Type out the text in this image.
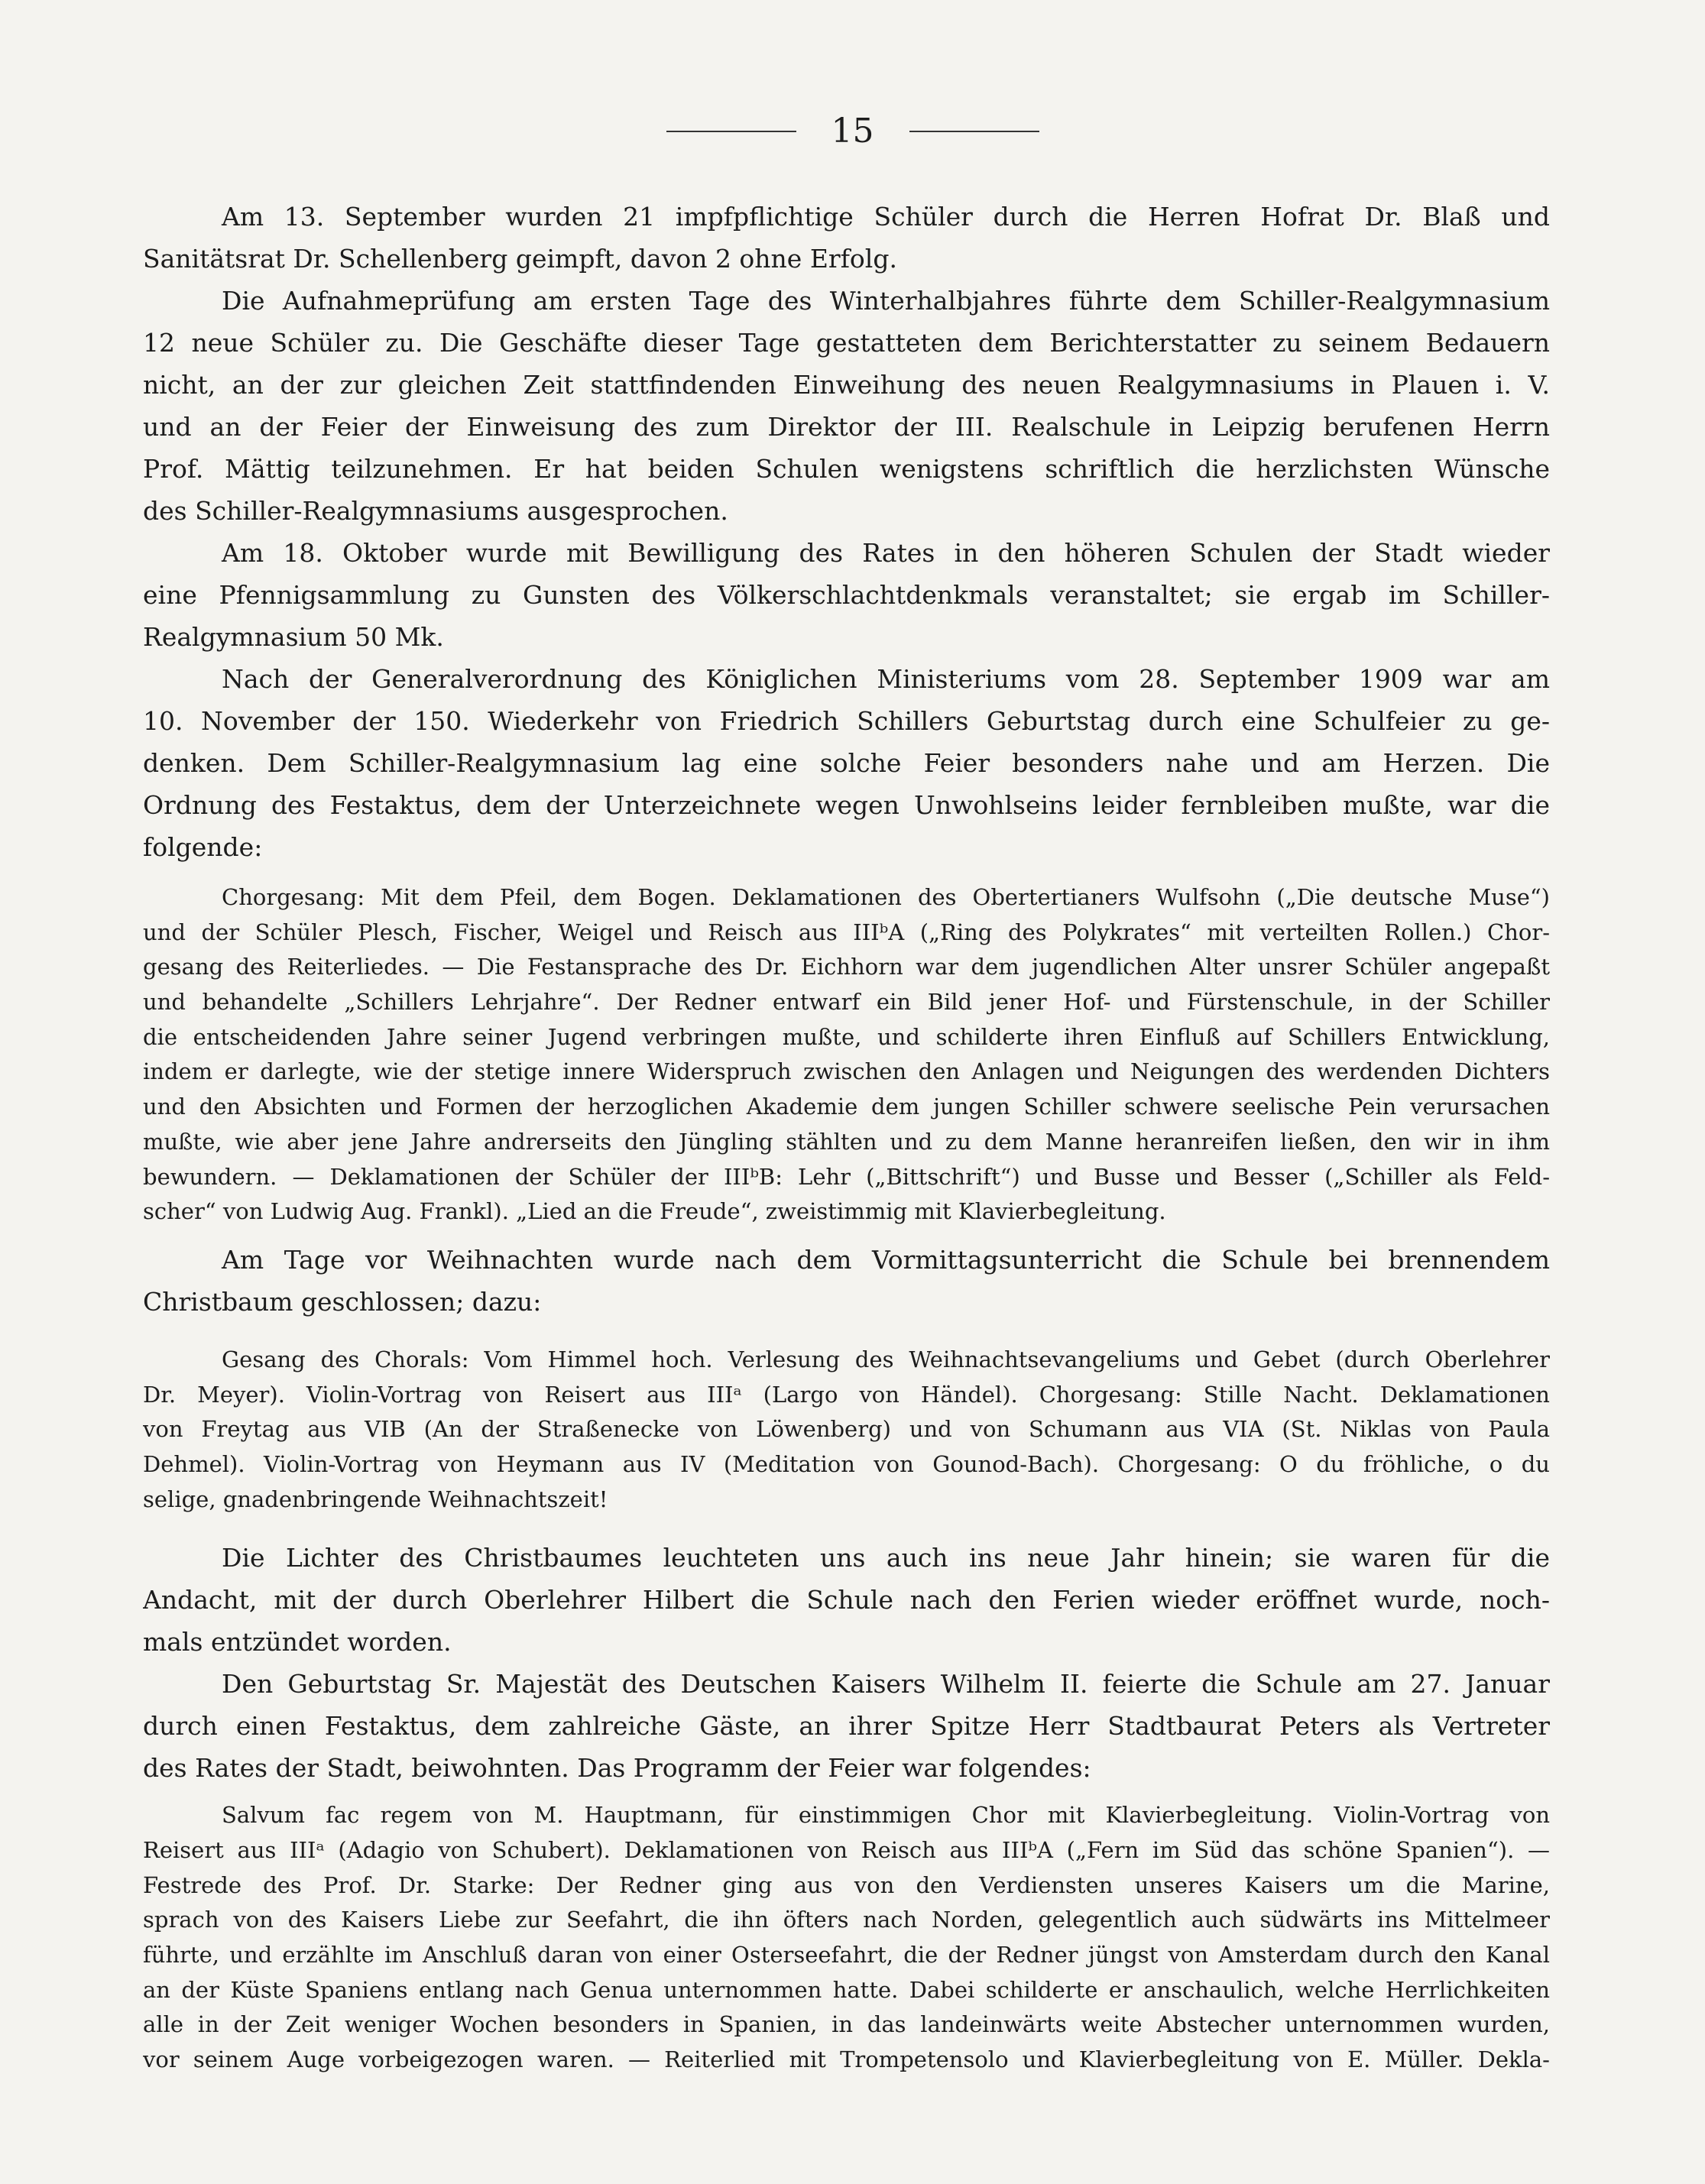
15
Am 13. September wurden 21 impfpflichtige Schüler durch die Herren Hofrat Dr. Blaß und
Sanitätsrat Dr. Schellenberg geimpft, davon 2 ohne Erfolg.
Die Aufnahmeprüfung am ersten Tage des Winterhalbjahres führte dem Schiller-Realgymnasium
12 neue Schüler zu. Die Geschäfte dieser Tage gestatteten dem Berichterstatter zu seinem Bedauern
nicht, an der zur gleichen Zeit stattfindenden Einweihung des neuen Realgymnasiums in Plauen i. V.
und an der Feier der Einweisung des zum Direktor der III. Realschule in Leipzig berufenen Herrn
Prof. Mättig teilzunehmen. Er hat beiden Schulen wenigstens schriftlich die herzlichsten Wünsche
des Schiller-Realgymnasiums ausgesprochen.
Am 18. Oktober wurde mit Bewilligung des Rates in den höheren Schulen der Stadt wieder
eine Pfennigsammlung zu Gunsten des Völkerschlachtdenkmals veranstaltet; sie ergab im Schiller-
Realgymnasium 50 Mk.
Nach der Generalverordnung des Königlichen Ministeriums vom 28. September 1909 war am
10. November der 150. Wiederkehr von Friedrich Schillers Geburtstag durch eine Schulfeier zu ge-
denken. Dem Schiller-Realgymnasium lag eine solche Feier besonders nahe und am Herzen. Die
Ordnung des Festaktus, dem der Unterzeichnete wegen Unwohlseins leider fernbleiben mußte, war die
folgende:
Chorgesang: Mit dem Pfeil, dem Bogen. Deklamationen des Obertertianers Wulfsohn („Die deutsche Muse“)
und der Schüler Plesch, Fischer, Weigel und Reisch aus IIIᵇA („Ring des Polykrates“ mit verteilten Rollen.) Chor-
gesang des Reiterliedes. — Die Festansprache des Dr. Eichhorn war dem jugendlichen Alter unsrer Schüler angepaßt
und behandelte „Schillers Lehrjahre“. Der Redner entwarf ein Bild jener Hof- und Fürstenschule, in der Schiller
die entscheidenden Jahre seiner Jugend verbringen mußte, und schilderte ihren Einfluß auf Schillers Entwicklung,
indem er darlegte, wie der stetige innere Widerspruch zwischen den Anlagen und Neigungen des werdenden Dichters
und den Absichten und Formen der herzoglichen Akademie dem jungen Schiller schwere seelische Pein verursachen
mußte, wie aber jene Jahre andrerseits den Jüngling stählten und zu dem Manne heranreifen ließen, den wir in ihm
bewundern. — Deklamationen der Schüler der IIIᵇB: Lehr („Bittschrift“) und Busse und Besser („Schiller als Feld-
scher“ von Ludwig Aug. Frankl). „Lied an die Freude“, zweistimmig mit Klavierbegleitung.
Am Tage vor Weihnachten wurde nach dem Vormittagsunterricht die Schule bei brennendem
Christbaum geschlossen; dazu:
Gesang des Chorals: Vom Himmel hoch. Verlesung des Weihnachtsevangeliums und Gebet (durch Oberlehrer
Dr. Meyer). Violin-Vortrag von Reisert aus IIIᵃ (Largo von Händel). Chorgesang: Stille Nacht. Deklamationen
von Freytag aus VIB (An der Straßenecke von Löwenberg) und von Schumann aus VIA (St. Niklas von Paula
Dehmel). Violin-Vortrag von Heymann aus IV (Meditation von Gounod-Bach). Chorgesang: O du fröhliche, o du
selige, gnadenbringende Weihnachtszeit!
Die Lichter des Christbaumes leuchteten uns auch ins neue Jahr hinein; sie waren für die
Andacht, mit der durch Oberlehrer Hilbert die Schule nach den Ferien wieder eröffnet wurde, noch-
mals entzündet worden.
Den Geburtstag Sr. Majestät des Deutschen Kaisers Wilhelm II. feierte die Schule am 27. Januar
durch einen Festaktus, dem zahlreiche Gäste, an ihrer Spitze Herr Stadtbaurat Peters als Vertreter
des Rates der Stadt, beiwohnten. Das Programm der Feier war folgendes:
Salvum fac regem von M. Hauptmann, für einstimmigen Chor mit Klavierbegleitung. Violin-Vortrag von
Reisert aus IIIᵃ (Adagio von Schubert). Deklamationen von Reisch aus IIIᵇA („Fern im Süd das schöne Spanien“). —
Festrede des Prof. Dr. Starke: Der Redner ging aus von den Verdiensten unseres Kaisers um die Marine,
sprach von des Kaisers Liebe zur Seefahrt, die ihn öfters nach Norden, gelegentlich auch südwärts ins Mittelmeer
führte, und erzählte im Anschluß daran von einer Osterseefahrt, die der Redner jüngst von Amsterdam durch den Kanal
an der Küste Spaniens entlang nach Genua unternommen hatte. Dabei schilderte er anschaulich, welche Herrlichkeiten
alle in der Zeit weniger Wochen besonders in Spanien, in das landeinwärts weite Abstecher unternommen wurden,
vor seinem Auge vorbeigezogen waren. — Reiterlied mit Trompetensolo und Klavierbegleitung von E. Müller. Dekla-
